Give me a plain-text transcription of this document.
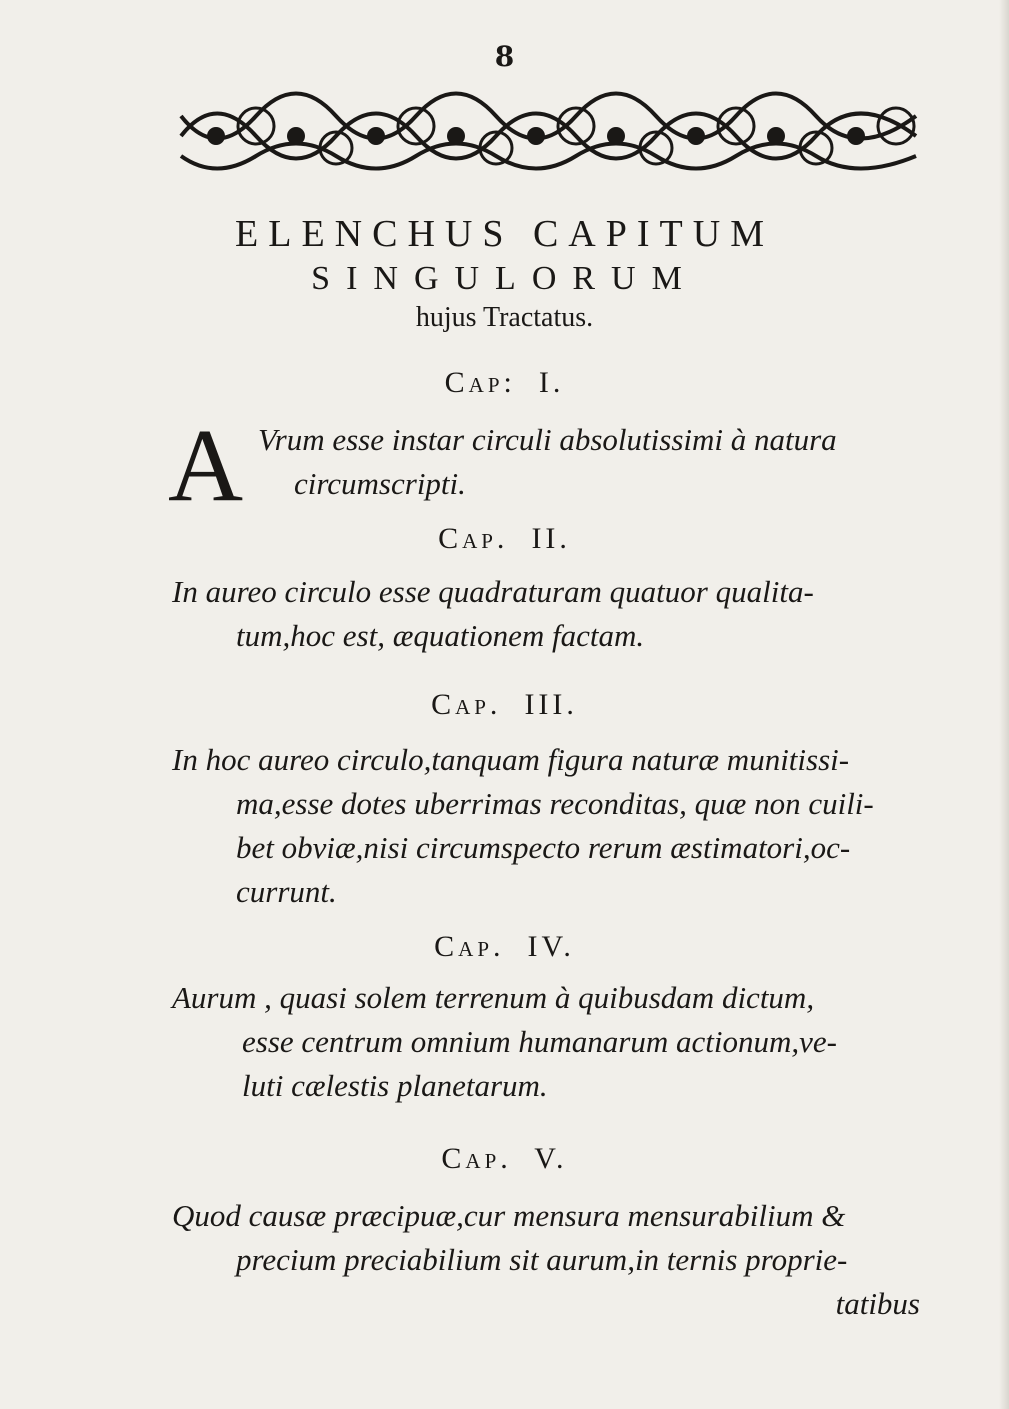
8
ELENCHUS CAPITUM
SINGULORUM
hujus Tractatus.
Cap: I.
A Vrum esse instar circuli absolutissimi à natura
circumscripti.
Cap. II.
In aureo circulo esse quadraturam quatuor qualita-
tum,hoc est, æquationem factam.
Cap. III.
In hoc aureo circulo,tanquam figura naturæ munitissi-
ma,esse dotes uberrimas reconditas, quæ non cuili-
bet obviæ,nisi circumspecto rerum æstimatori,oc-
currunt.
Cap. IV.
Aurum , quasi solem terrenum à quibusdam dictum,
esse centrum omnium humanarum actionum,ve-
luti cælestis planetarum.
Cap. V.
Quod causæ præcipuæ,cur mensura mensurabilium &
precium preciabilium sit aurum,in ternis proprie-
tatibus
